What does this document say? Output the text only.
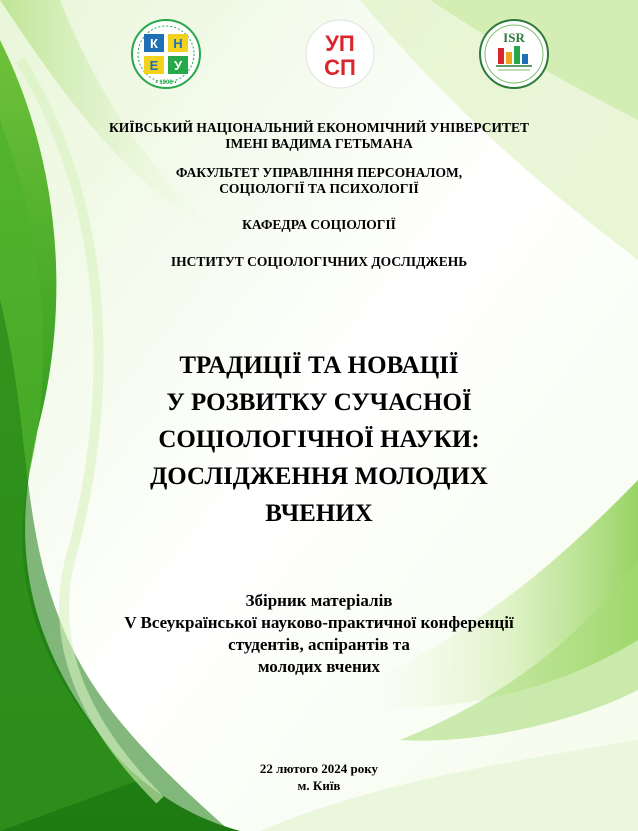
К Н
Е У
• 1906 •
УП
СП
ISR
КИЇВСЬКИЙ НАЦІОНАЛЬНИЙ ЕКОНОМІЧНИЙ УНІВЕРСИТЕТ
ІМЕНІ ВАДИМА ГЕТЬМАНА
ФАКУЛЬТЕТ УПРАВЛІННЯ ПЕРСОНАЛОМ,
СОЦІОЛОГІЇ ТА ПСИХОЛОГІЇ
КАФЕДРА СОЦІОЛОГІЇ
ІНСТИТУТ СОЦІОЛОГІЧНИХ ДОСЛІДЖЕНЬ
ТРАДИЦІЇ ТА НОВАЦІЇ
У РОЗВИТКУ СУЧАСНОЇ
СОЦІОЛОГІЧНОЇ НАУКИ:
ДОСЛІДЖЕННЯ МОЛОДИХ
ВЧЕНИХ
Збірник матеріалів
V Всеукраїнської науково-практичної конференції
студентів, аспірантів та
молодих вчених
22 лютого 2024 року
м. Київ
